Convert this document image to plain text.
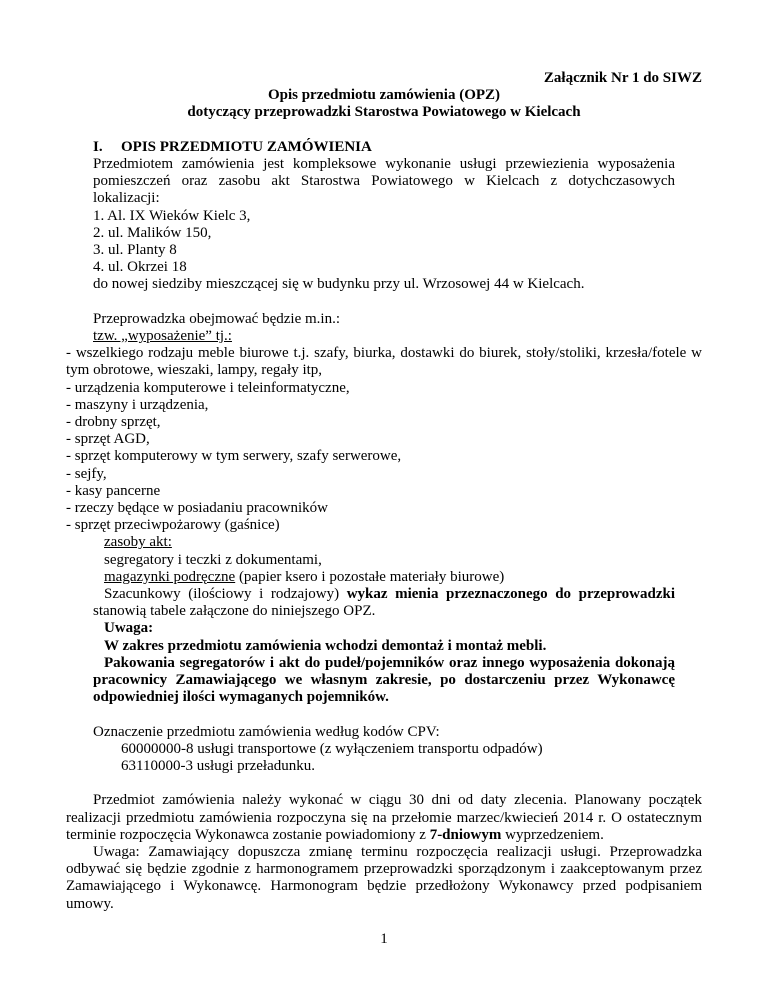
Załącznik Nr 1 do SIWZ

Opis przedmiotu zamówienia (OPZ)

dotyczący przeprowadzki Starostwa Powiatowego w Kielcach

I. OPIS PRZEDMIOTU ZAMÓWIENIA

Przedmiotem zamówienia jest kompleksowe wykonanie usługi przewiezienia wyposażenia pomieszczeń oraz zasobu akt Starostwa Powiatowego w Kielcach z dotychczasowych lokalizacji:

1. Al. IX Wieków Kielc 3,

2. ul. Malików 150,

3. ul. Planty 8

4. ul. Okrzei 18

do nowej siedziby mieszczącej się w budynku przy ul. Wrzosowej 44 w Kielcach.

Przeprowadzka obejmować będzie m.in.:

tzw. „wyposażenie” tj.:

- wszelkiego rodzaju meble biurowe t.j. szafy, biurka, dostawki do biurek, stoły/stoliki, krzesła/fotele w tym obrotowe, wieszaki, lampy, regały itp,

- urządzenia komputerowe i teleinformatyczne,

- maszyny i urządzenia,

- drobny sprzęt,

- sprzęt AGD,

- sprzęt komputerowy w tym serwery, szafy serwerowe,

- sejfy,

- kasy pancerne

- rzeczy będące w posiadaniu pracowników

- sprzęt przeciwpożarowy (gaśnice)

zasoby akt:

segregatory i teczki z dokumentami,

magazynki podręczne (papier ksero i pozostałe materiały biurowe)

Szacunkowy (ilościowy i rodzajowy) wykaz mienia przeznaczonego do przeprowadzki stanowią tabele załączone do niniejszego OPZ.

Uwaga:

W zakres przedmiotu zamówienia wchodzi demontaż i montaż mebli.

Pakowania segregatorów i akt do pudeł/pojemników oraz innego wyposażenia dokonają pracownicy Zamawiającego we własnym zakresie, po dostarczeniu przez Wykonawcę odpowiedniej ilości wymaganych pojemników.

Oznaczenie przedmiotu zamówienia według kodów CPV:

60000000-8 usługi transportowe (z wyłączeniem transportu odpadów)

63110000-3 usługi przeładunku.

Przedmiot zamówienia należy wykonać w ciągu 30 dni od daty zlecenia. Planowany początek realizacji przedmiotu zamówienia rozpoczyna się na przełomie marzec/kwiecień 2014 r. O ostatecznym terminie rozpoczęcia Wykonawca zostanie powiadomiony z 7-dniowym wyprzedzeniem.

Uwaga: Zamawiający dopuszcza zmianę terminu rozpoczęcia realizacji usługi. Przeprowadzka odbywać się będzie zgodnie z harmonogramem przeprowadzki sporządzonym i zaakceptowanym przez Zamawiającego i Wykonawcę. Harmonogram będzie przedłożony Wykonawcy przed podpisaniem umowy.

1
